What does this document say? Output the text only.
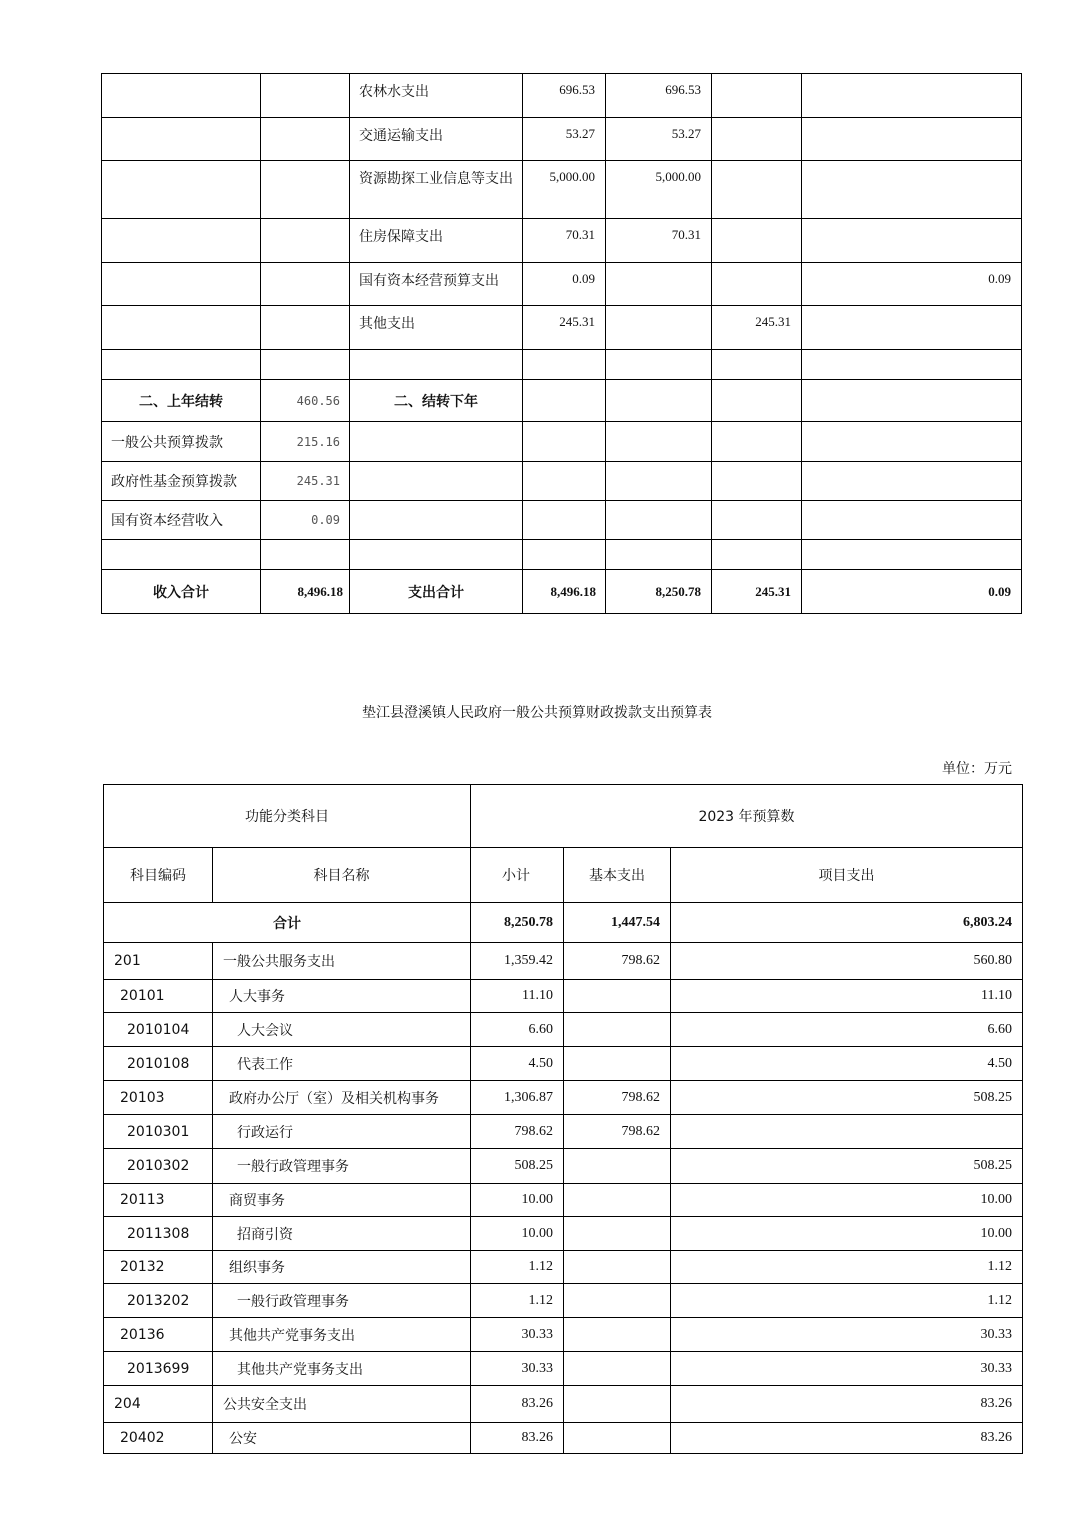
		农林水支出	696.53	696.53		
		交通运输支出	53.27	53.27		
		资源勘探工业信息等支出	5,000.00	5,000.00		
		住房保障支出	70.31	70.31		
		国有资本经营预算支出	0.09			0.09
		其他支出	245.31		245.31	

二、上年结转	460.56	二、结转下年				
一般公共预算拨款	215.16					
政府性基金预算拨款	245.31					
国有资本经营收入	0.09					

收入合计	8,496.18	支出合计	8,496.18	8,250.78	245.31	0.09
垫江县澄溪镇人民政府一般公共预算财政拨款支出预算表
单位：万元
功能分类科目		2023 年预算数		
科目编码	科目名称	小计	基本支出	项目支出
合计		8,250.78	1,447.54	6,803.24
201	一般公共服务支出	1,359.42	798.62	560.80
20101	人大事务	11.10		11.10
2010104	人大会议	6.60		6.60
2010108	代表工作	4.50		4.50
20103	政府办公厅（室）及相关机构事务	1,306.87	798.62	508.25
2010301	行政运行	798.62	798.62	
2010302	一般行政管理事务	508.25		508.25
20113	商贸事务	10.00		10.00
2011308	招商引资	10.00		10.00
20132	组织事务	1.12		1.12
2013202	一般行政管理事务	1.12		1.12
20136	其他共产党事务支出	30.33		30.33
2013699	其他共产党事务支出	30.33		30.33
204	公共安全支出	83.26		83.26
20402	公安	83.26		83.26
